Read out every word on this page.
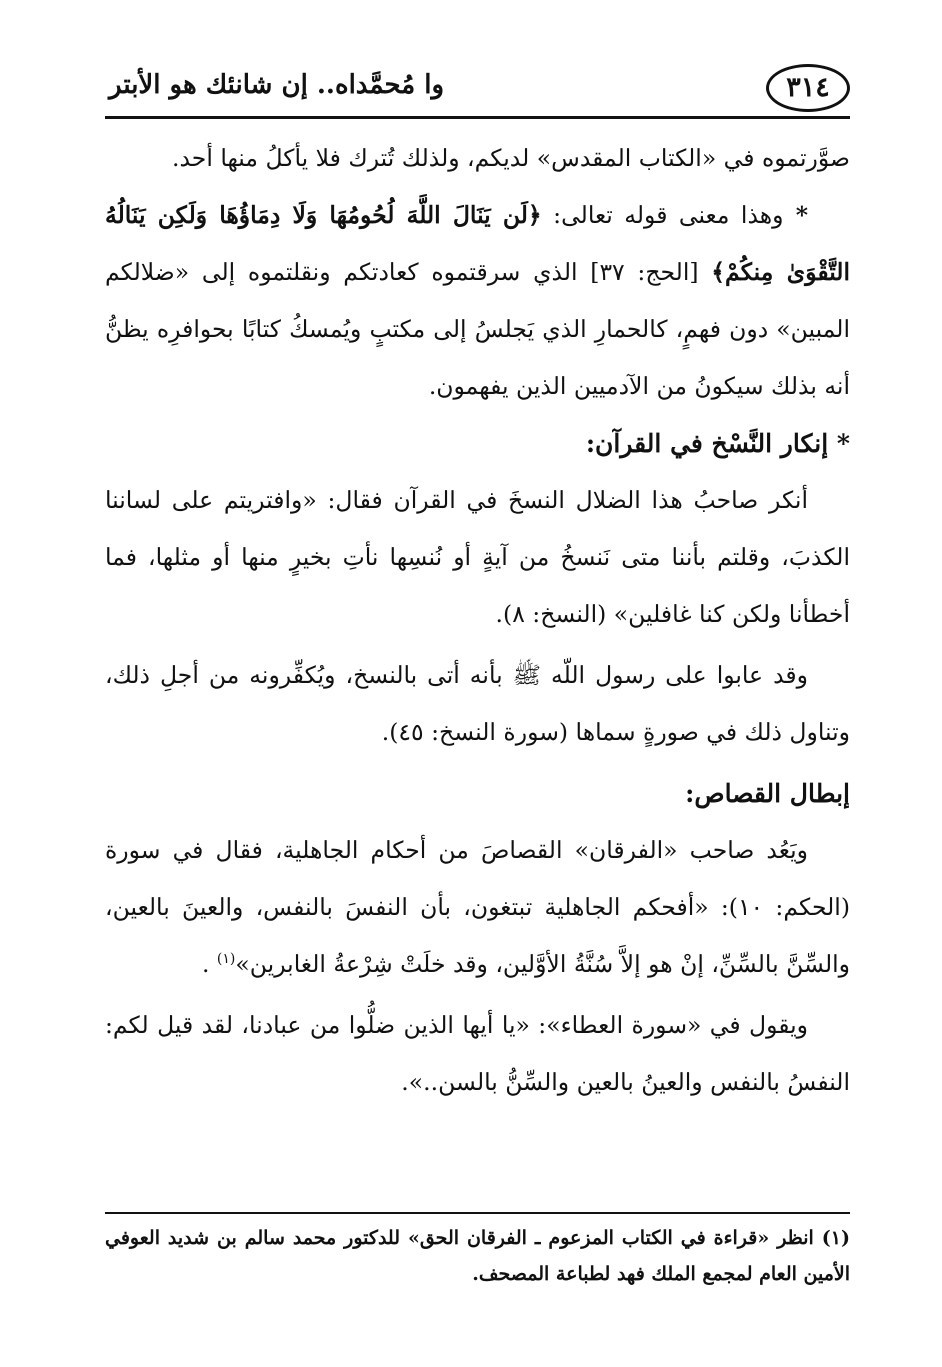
٣١٤
وا مُحمَّداه.. إن شانئك هو الأبتر

صوَّرتموه في «الكتاب المقدس» لديكم، ولذلك تُترك فلا يأكلُ منها أحد.

* وهذا معنى قوله تعالى: ﴿لَن يَنَالَ اللَّهَ لُحُومُهَا وَلَا دِمَاؤُهَا وَلَكِن يَنَالُهُ التَّقْوَىٰ مِنكُمْ﴾ [الحج: ٣٧] الذي سرقتموه كعادتكم ونقلتموه إلى «ضلالكم المبين» دون فهمٍ، كالحمارِ الذي يَجلسُ إلى مكتبٍ ويُمسكُ كتابًا بحوافرِه يظنُّ أنه بذلك سيكونُ من الآدميين الذين يفهمون.

* إنكار النَّسْخ في القرآن:

أنكر صاحبُ هذا الضلال النسخَ في القرآن فقال: «وافتريتم على لساننا الكذبَ، وقلتم بأننا متى نَنسخُ من آيةٍ أو نُنسِها نأتِ بخيرٍ منها أو مثلها، فما أخطأنا ولكن كنا غافلين» (النسخ: ٨).

وقد عابوا على رسول اللّه ﷺ بأنه أتى بالنسخ، ويُكفِّرونه من أجلِ ذلك، وتناول ذلك في صورةٍ سماها (سورة النسخ: ٤٥).

إبطال القصاص:

ويَعُد صاحب «الفرقان» القصاصَ من أحكام الجاهلية، فقال في سورة (الحكم: ١٠): «أفحكم الجاهلية تبتغون، بأن النفسَ بالنفس، والعينَ بالعين، والسِّنَّ بالسِّنِّ، إنْ هو إلاَّ سُنَّةُ الأوَّلين، وقد خلَتْ شِرْعةُ الغابرين»$^{(١)}$ .

ويقول في «سورة العطاء»: «يا أيها الذين ضلُّوا من عبادنا، لقد قيل لكم: النفسُ بالنفس والعينُ بالعين والسِّنُّ بالسن..».

(١) انظر «قراءة في الكتاب المزعوم ـ الفرقان الحق» للدكتور محمد سالم بن شديد العوفي الأمين العام لمجمع الملك فهد لطباعة المصحف.
